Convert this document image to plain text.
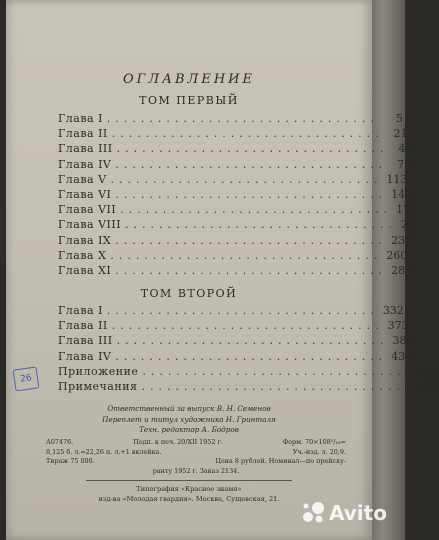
ОГЛАВЛЕНИЕ
ТОМ ПЕРВЫЙ
Глава I ................................	5
Глава II ................................ 21
Глава III ................................ 49
Глава IV ................................ 77
Глава V ................................ 113
Глава VI ................................ 142
Глава VII ................................ 172
Глава VIII ................................ 201
Глава IX ................................ 234
Глава X ................................ 260
Глава XI ................................ 287
ТОМ ВТОРОЙ
Глава I ................................ 332
Глава II ................................ 373
Глава III ................................ 387
Глава IV ................................ 430
Приложение ................................ 497
Примечания ................................ 507
Ответственный за выпуск В. Н. Семенов
Переплет и титул художника Н. Гринталя
Техн. редактор А. Бодров
А07476.	Подп. к печ. 20/XII 1952 г.	Форм. 70×108¹/₁₆=
8,125 б. л.=22,26 п. л.+1 вклейка.	Уч.-изд. л. 20,9.
Тираж 75 000.	Цена 8 рублей. Номинал—по прейску-
ранту 1952 г. Заказ 2134.
Типография «Красное знамя»
изд-ва «Молодая гвардия». Москва, Сущевская, 21.
26
Avito
